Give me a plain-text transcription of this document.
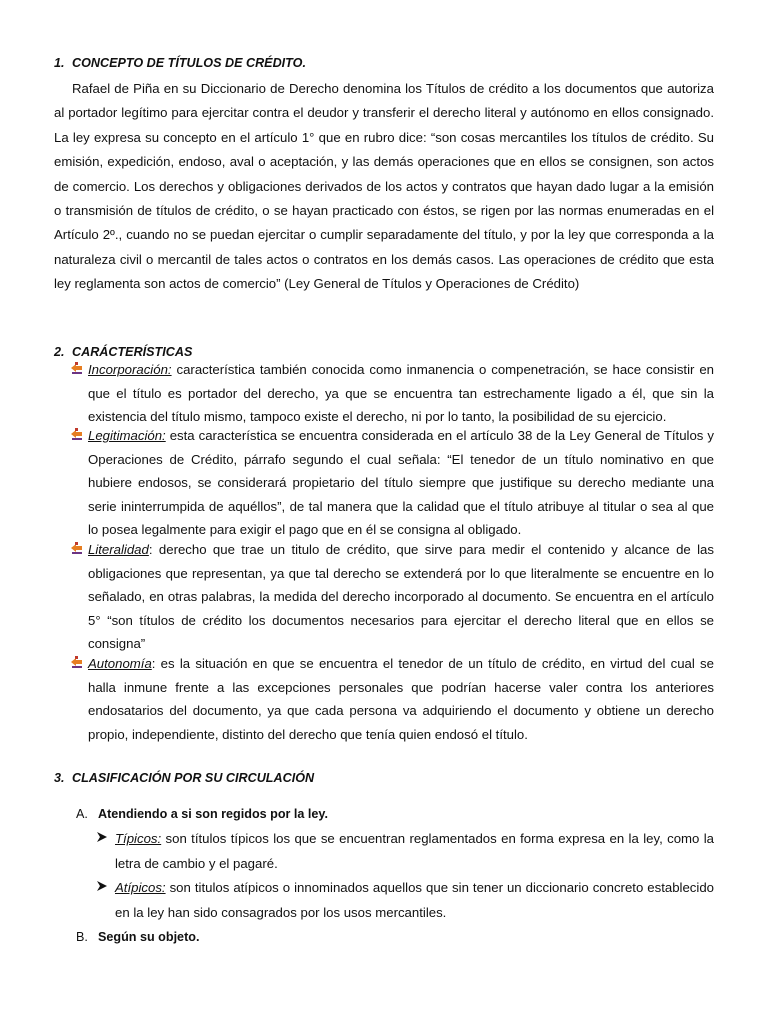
1. CONCEPTO DE TÍTULOS DE CRÉDITO.

Rafael de Piña en su Diccionario de Derecho denomina los Títulos de crédito a los documentos que autoriza al portador legítimo para ejercitar contra el deudor y transferir el derecho literal y autónomo en ellos consignado. La ley expresa su concepto en el artículo 1° que en rubro dice: “son cosas mercantiles los títulos de crédito. Su emisión, expedición, endoso, aval o aceptación, y las demás operaciones que en ellos se consignen, son actos de comercio. Los derechos y obligaciones derivados de los actos y contratos que hayan dado lugar a la emisión o transmisión de títulos de crédito, o se hayan practicado con éstos, se rigen por las normas enumeradas en el Artículo 2º., cuando no se puedan ejercitar o cumplir separadamente del título, y por la ley que corresponda a la naturaleza civil o mercantil de tales actos o contratos en los demás casos. Las operaciones de crédito que esta ley reglamenta son actos de comercio” (Ley General de Títulos y Operaciones de Crédito)

2. CARÁCTERÍSTICAS

Incorporación: característica también conocida como inmanencia o compenetración, se hace consistir en que el título es portador del derecho, ya que se encuentra tan estrechamente ligado a él, que sin la existencia del título mismo, tampoco existe el derecho, ni por lo tanto, la posibilidad de su ejercicio.

Legitimación: esta característica se encuentra considerada en el artículo 38 de la Ley General de Títulos y Operaciones de Crédito, párrafo segundo el cual señala: “El tenedor de un título nominativo en que hubiere endosos, se considerará propietario del título siempre que justifique su derecho mediante una serie ininterrumpida de aquéllos”, de tal manera que la calidad que el título atribuye al titular o sea al que lo posea legalmente para exigir el pago que en él se consigna al obligado.

Literalidad: derecho que trae un titulo de crédito, que sirve para medir el contenido y alcance de las obligaciones que representan, ya que tal derecho se extenderá por lo que literalmente se encuentre en lo señalado, en otras palabras, la medida del derecho incorporado al documento. Se encuentra en el artículo 5° “son títulos de crédito los documentos necesarios para ejercitar el derecho literal que en ellos se consigna”

Autonomía: es la situación en que se encuentra el tenedor de un título de crédito, en virtud del cual se halla inmune frente a las excepciones personales que podrían hacerse valer contra los anteriores endosatarios del documento, ya que cada persona va adquiriendo el documento y obtiene un derecho propio, independiente, distinto del derecho que tenía quien endosó el título.

3. CLASIFICACIÓN POR SU CIRCULACIÓN
A. Atendiendo a si son regidos por la ley.

Típicos: son títulos típicos los que se encuentran reglamentados en forma expresa en la ley, como la letra de cambio y el pagaré.

Atípicos: son titulos atípicos o innominados aquellos que sin tener un diccionario concreto establecido en la ley han sido consagrados por los usos mercantiles.

B. Según su objeto.
